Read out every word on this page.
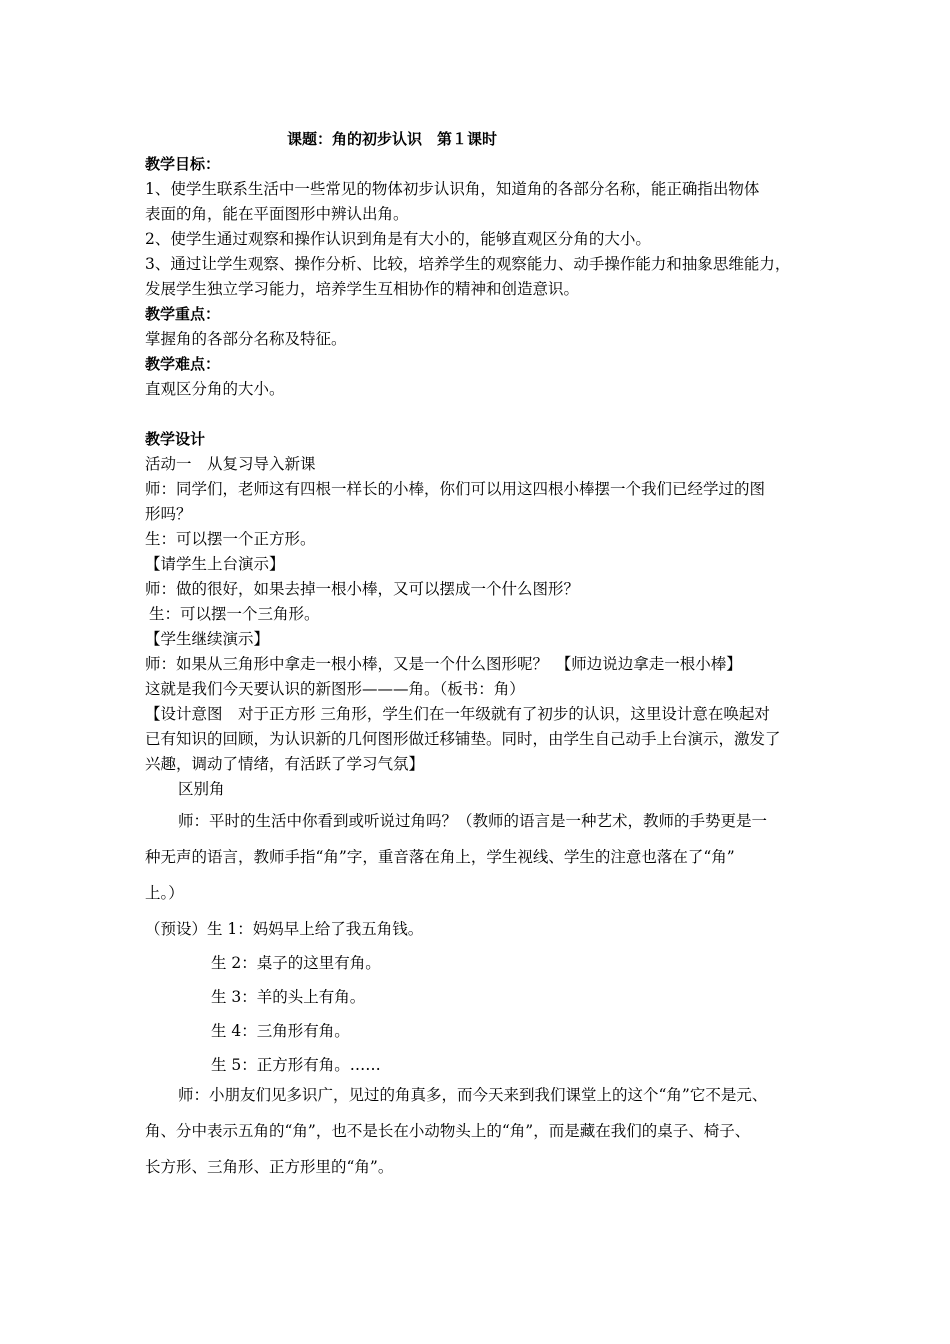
课题：角的初步认识　第１课时
教学目标：
1、使学生联系生活中一些常见的物体初步认识角，知道角的各部分名称，能正确指出物体
表面的角，能在平面图形中辨认出角。
2、使学生通过观察和操作认识到角是有大小的，能够直观区分角的大小。
3、通过让学生观察、操作分析、比较，培养学生的观察能力、动手操作能力和抽象思维能力，
发展学生独立学习能力，培养学生互相协作的精神和创造意识。
教学重点：
掌握角的各部分名称及特征。
教学难点：
直观区分角的大小。
教学设计
活动一　从复习导入新课
师：同学们，老师这有四根一样长的小棒，你们可以用这四根小棒摆一个我们已经学过的图
形吗？
生：可以摆一个正方形。
【请学生上台演示】
师：做的很好，如果去掉一根小棒，又可以摆成一个什么图形？
生：可以摆一个三角形。
【学生继续演示】
师：如果从三角形中拿走一根小棒，又是一个什么图形呢？　【师边说边拿走一根小棒】
这就是我们今天要认识的新图形———角。（板书：角）
【设计意图　对于正方形 三角形，学生们在一年级就有了初步的认识，这里设计意在唤起对
已有知识的回顾，为认识新的几何图形做迁移铺垫。同时，由学生自己动手上台演示，激发了
兴趣，调动了情绪，有活跃了学习气氛】
区别角
师：平时的生活中你看到或听说过角吗？（教师的语言是一种艺术，教师的手势更是一
种无声的语言，教师手指“角”字，重音落在角上，学生视线、学生的注意也落在了“角”
上。）
（预设）生 1：妈妈早上给了我五角钱。
生 2：桌子的这里有角。
生 3：羊的头上有角。
生 4：三角形有角。
生 5：正方形有角。……
师：小朋友们见多识广，见过的角真多，而今天来到我们课堂上的这个“角”它不是元、
角、分中表示五角的“角”，也不是长在小动物头上的“角”，而是藏在我们的桌子、椅子、
长方形、三角形、正方形里的“角”。
